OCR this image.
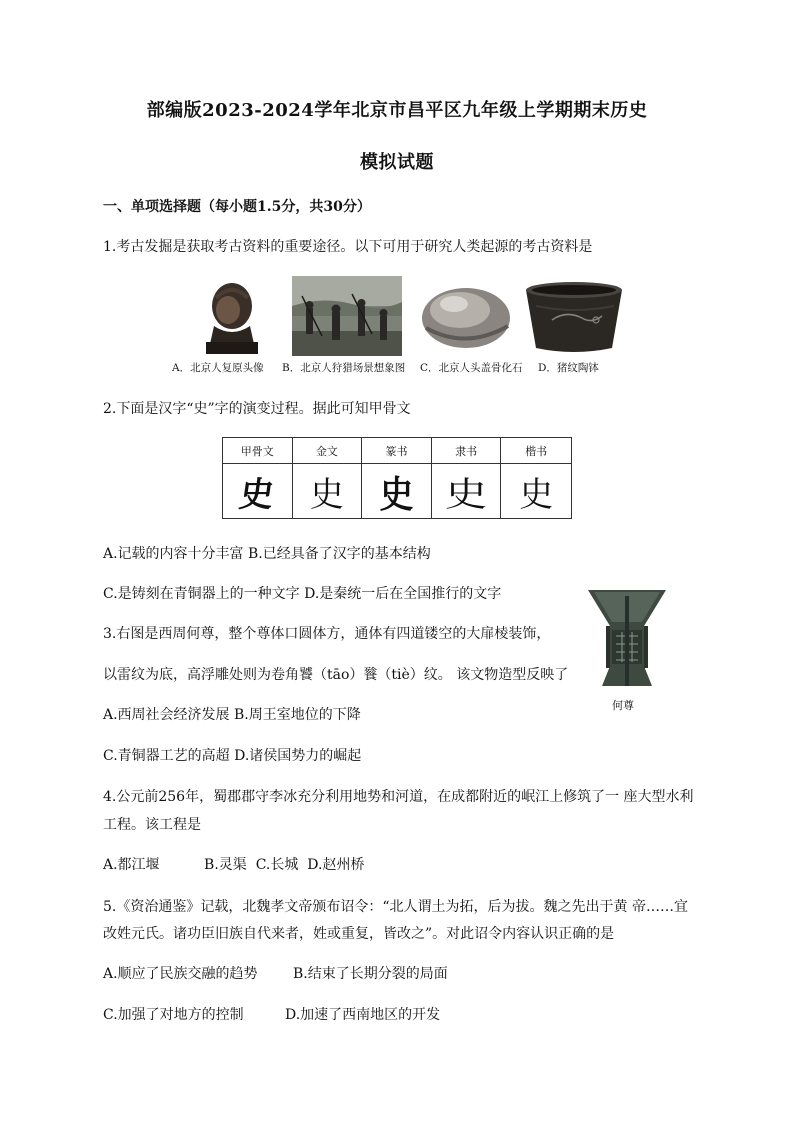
部编版2023-2024学年北京市昌平区九年级上学期期末历史
模拟试题
一、单项选择题（每小题1.5分，共30分）
1.考古发掘是获取考古资料的重要途径。以下可用于研究人类起源的考古资料是
A．北京人复原头像 B．北京人狩猎场景想象图 C．北京人头盖骨化石 D．猪纹陶钵
2.下面是汉字“史”字的演变过程。据此可知甲骨文
甲骨文	金文	篆书	隶书	楷书
史 史 史 史 史
A.记载的内容十分丰富 B.已经具备了汉字的基本结构
C.是铸刻在青铜器上的一种文字 D.是秦统一后在全国推行的文字
3.右图是西周何尊，整个尊体口圆体方，通体有四道镂空的大扉棱装饰，
以雷纹为底，高浮雕处则为卷角饕（tāo）餮（tiè）纹。 该文物造型反映了
何尊
A.西周社会经济发展 B.周王室地位的下降
C.青铜器工艺的高超 D.诸侯国势力的崛起
4.公元前256年，蜀郡郡守李冰充分利用地势和河道，在成都附近的岷江上修筑了一 座大型水利
工程。该工程是
A.都江堰          B.灵渠  C.长城  D.赵州桥
5.《资治通鉴》记载，北魏孝文帝颁布诏令：“北人谓土为拓，后为拔。魏之先出于黄 帝……宜
改姓元氏。诸功臣旧族自代来者，姓或重复，皆改之”。对此诏令内容认识正确的是
A.顺应了民族交融的趋势	B.结束了长期分裂的局面
C.加强了对地方的控制	D.加速了西南地区的开发
